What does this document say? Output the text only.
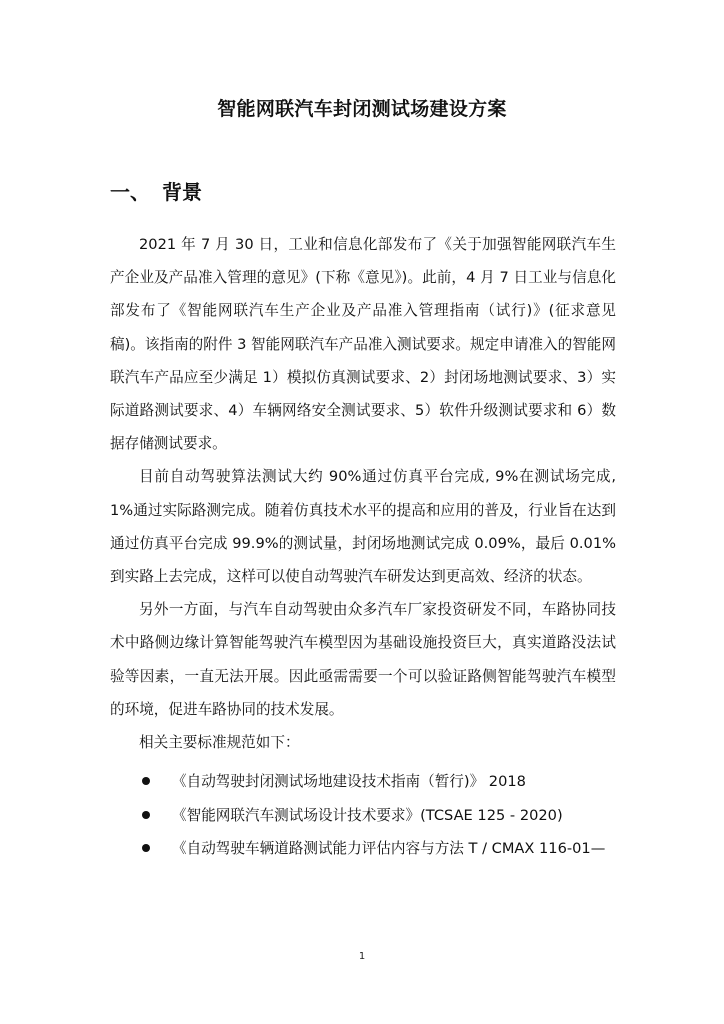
智能网联汽车封闭测试场建设方案
一、 背景

2021 年 7 月 30 日，工业和信息化部发布了《关于加强智能网联汽车生产企业及产品准入管理的意见》(下称《意见》)。此前，4 月 7 日工业与信息化部发布了《智能网联汽车生产企业及产品准入管理指南（试行)》(征求意见稿)。该指南的附件 3 智能网联汽车产品准入测试要求。规定申请准入的智能网联汽车产品应至少满足 1）模拟仿真测试要求、2）封闭场地测试要求、3）实际道路测试要求、4）车辆网络安全测试要求、5）软件升级测试要求和 6）数据存储测试要求。

目前自动驾驶算法测试大约 90%通过仿真平台完成, 9%在测试场完成, 1%通过实际路测完成。随着仿真技术水平的提高和应用的普及，行业旨在达到通过仿真平台完成 99.9%的测试量，封闭场地测试完成 0.09%，最后 0.01%到实路上去完成，这样可以使自动驾驶汽车研发达到更高效、经济的状态。

另外一方面，与汽车自动驾驶由众多汽车厂家投资研发不同，车路协同技术中路侧边缘计算智能驾驶汽车模型因为基础设施投资巨大，真实道路没法试验等因素，一直无法开展。因此亟需需要一个可以验证路侧智能驾驶汽车模型的环境，促进车路协同的技术发展。

相关主要标准规范如下：

《自动驾驶封闭测试场地建设技术指南（暂行)》 2018
《智能网联汽车测试场设计技术要求》(TCSAE 125 - 2020)
《自动驾驶车辆道路测试能力评估内容与方法 T / CMAX 116-01—
1
